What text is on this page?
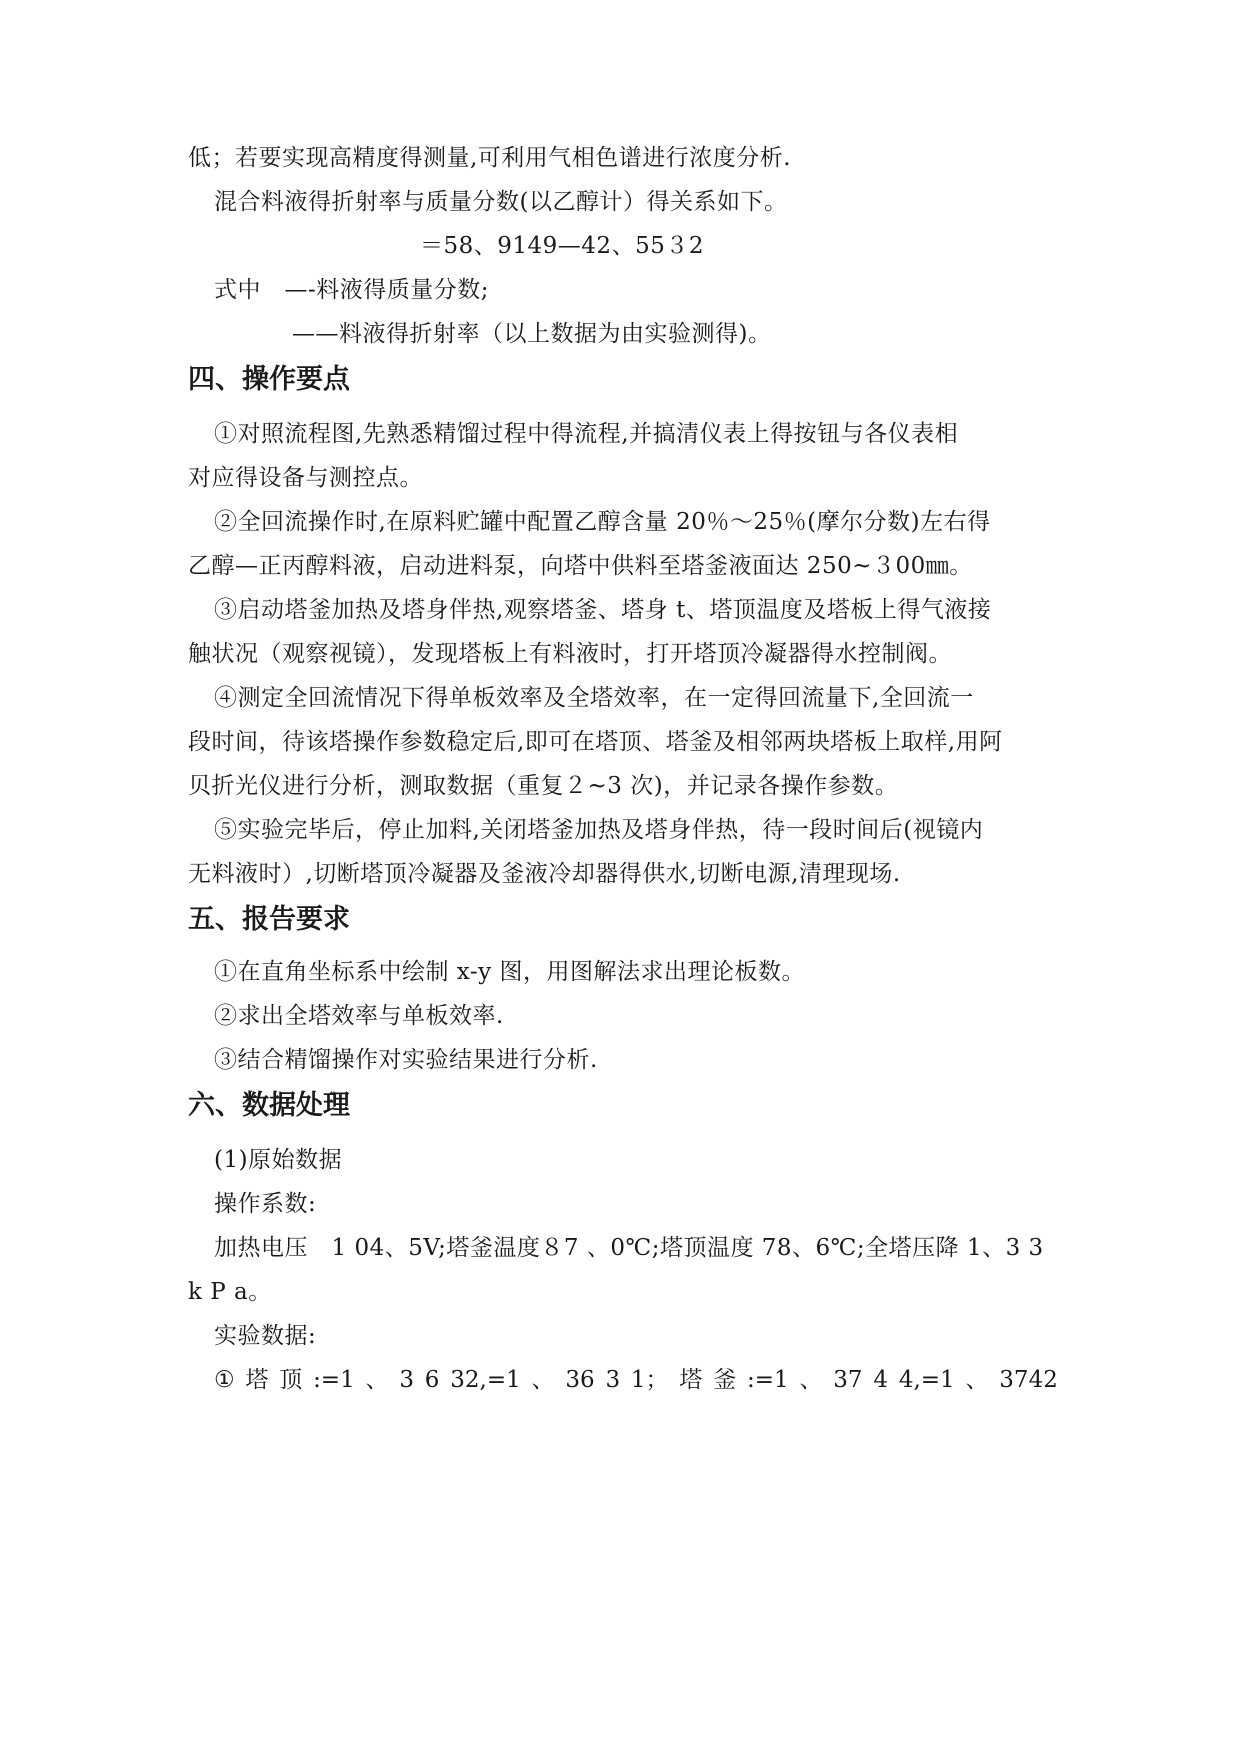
低；若要实现高精度得测量,可利用气相色谱进行浓度分析.
混合料液得折射率与质量分数(以乙醇计）得关系如下。
＝58、9149—42、55３2
式中　—-料液得质量分数;
——料液得折射率（以上数据为由实验测得)。
四、操作要点
①对照流程图,先熟悉精馏过程中得流程,并搞清仪表上得按钮与各仪表相
对应得设备与测控点。
②全回流操作时,在原料贮罐中配置乙醇含量 20％～25％(摩尔分数)左右得
乙醇—正丙醇料液，启动进料泵，向塔中供料至塔釜液面达 250~３00㎜。
③启动塔釜加热及塔身伴热,观察塔釜、塔身 t、塔顶温度及塔板上得气液接
触状况（观察视镜），发现塔板上有料液时，打开塔顶冷凝器得水控制阀。
④测定全回流情况下得单板效率及全塔效率，在一定得回流量下,全回流一
段时间，待该塔操作参数稳定后,即可在塔顶、塔釜及相邻两块塔板上取样,用阿
贝折光仪进行分析，测取数据（重复２~3 次)，并记录各操作参数。
⑤实验完毕后，停止加料,关闭塔釜加热及塔身伴热，待一段时间后(视镜内
无料液时）,切断塔顶冷凝器及釜液冷却器得供水,切断电源,清理现场.
五、报告要求
①在直角坐标系中绘制 x-y 图，用图解法求出理论板数。
②求出全塔效率与单板效率.
③结合精馏操作对实验结果进行分析.
六、数据处理
(1)原始数据
操作系数:
加热电压　1 04、5V;塔釜温度８7 、0℃;塔顶温度 78、6℃;全塔压降 1、3 3
k P a。
实验数据:
① 塔 顶 :=1 、 3 6 32,=1 、 36 3 1； 塔 釜 :=1 、 37 4 4,=1 、 3742
